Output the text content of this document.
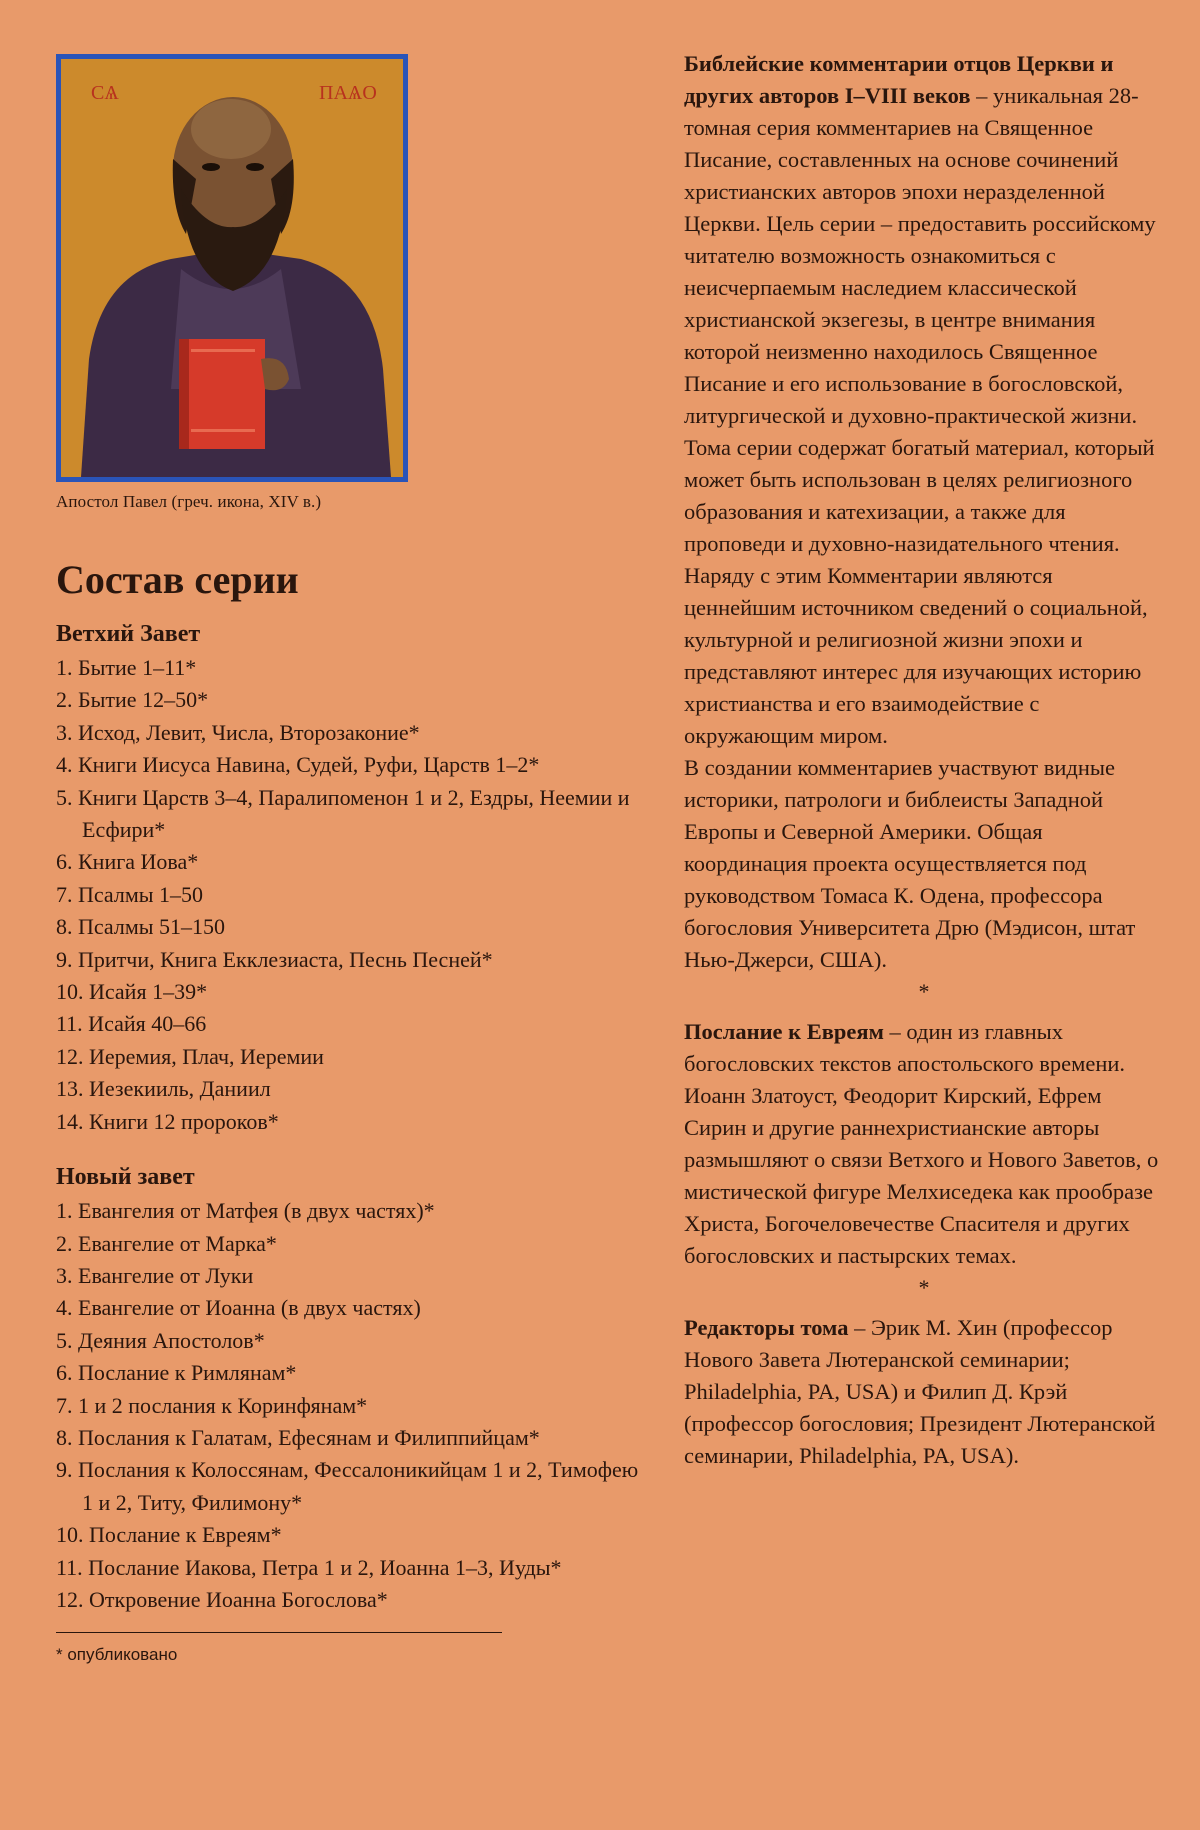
СѦ	ПАѦО
Апостол Павел (греч. икона, XIV в.)
Состав серии
Ветхий Завет
1. Бытие 1–11*
2. Бытие 12–50*
3. Исход, Левит, Числа, Второзаконие*
4. Книги Иисуса Навина, Судей, Руфи, Царств 1–2*
5. Книги Царств 3–4, Паралипоменон 1 и 2, Ездры, Неемии и Есфири*
6. Книга Иова*
7. Псалмы 1–50
8. Псалмы 51–150
9. Притчи, Книга Екклезиаста, Песнь Песней*
10. Исайя 1–39*
11. Исайя 40–66
12. Иеремия, Плач, Иеремии
13. Иезекииль, Даниил
14. Книги 12 пророков*
Новый завет
1. Евангелия от Матфея (в двух частях)*
2. Евангелие от Марка*
3. Евангелие от Луки
4. Евангелие от Иоанна (в двух частях)
5. Деяния Апостолов*
6. Послание к Римлянам*
7. 1 и 2 послания к Коринфянам*
8. Послания к Галатам, Ефесянам и Филиппийцам*
9. Послания к Колоссянам, Фессалоникийцам 1 и 2, Тимофею 1 и 2, Титу, Филимону*
10. Послание к Евреям*
11. Послание Иакова, Петра 1 и 2, Иоанна 1–3, Иуды*
12. Откровение Иоанна Богослова*
* опубликовано

Библейские комментарии отцов Церкви и других авторов I–VIII веков – уникальная 28-томная серия комментариев на Священное Писание, составленных на основе сочинений христианских авторов эпохи неразделенной Церкви. Цель серии – предоставить российскому читателю возможность ознакомиться с неисчерпаемым наследием классической христианской экзегезы, в центре внимания которой неизменно находилось Священное Писание и его использование в богословской, литургической и духовно-практической жизни.

Тома серии содержат богатый материал, который может быть использован в целях религиозного образования и катехизации, а также для проповеди и духовно-назидательного чтения. Наряду с этим Комментарии являются ценнейшим источником сведений о социальной, культурной и религиозной жизни эпохи и представляют интерес для изучающих историю христианства и его взаимодействие с окружающим миром.

В создании комментариев участвуют видные историки, патрологи и библеисты Западной Европы и Северной Америки. Общая координация проекта осуществляется под руководством Томаса К. Одена, профессора богословия Университета Дрю (Мэдисон, штат Нью-Джерси, США).

*

Послание к Евреям – один из главных богословских текстов апостольского времени. Иоанн Златоуст, Феодорит Кирский, Ефрем Сирин и другие раннехристианские авторы размышляют о связи Ветхого и Нового Заветов, о мистической фигуре Мелхиседека как прообразе Христа, Богочеловечестве Спасителя и других богословских и пастырских темах.

*

Редакторы тома – Эрик М. Хин (профессор Нового Завета Лютеранской семинарии; Philadelphia, PA, USA) и Филип Д. Крэй (профессор богословия; Президент Лютеранской семинарии, Philadelphia, PA, USA).
